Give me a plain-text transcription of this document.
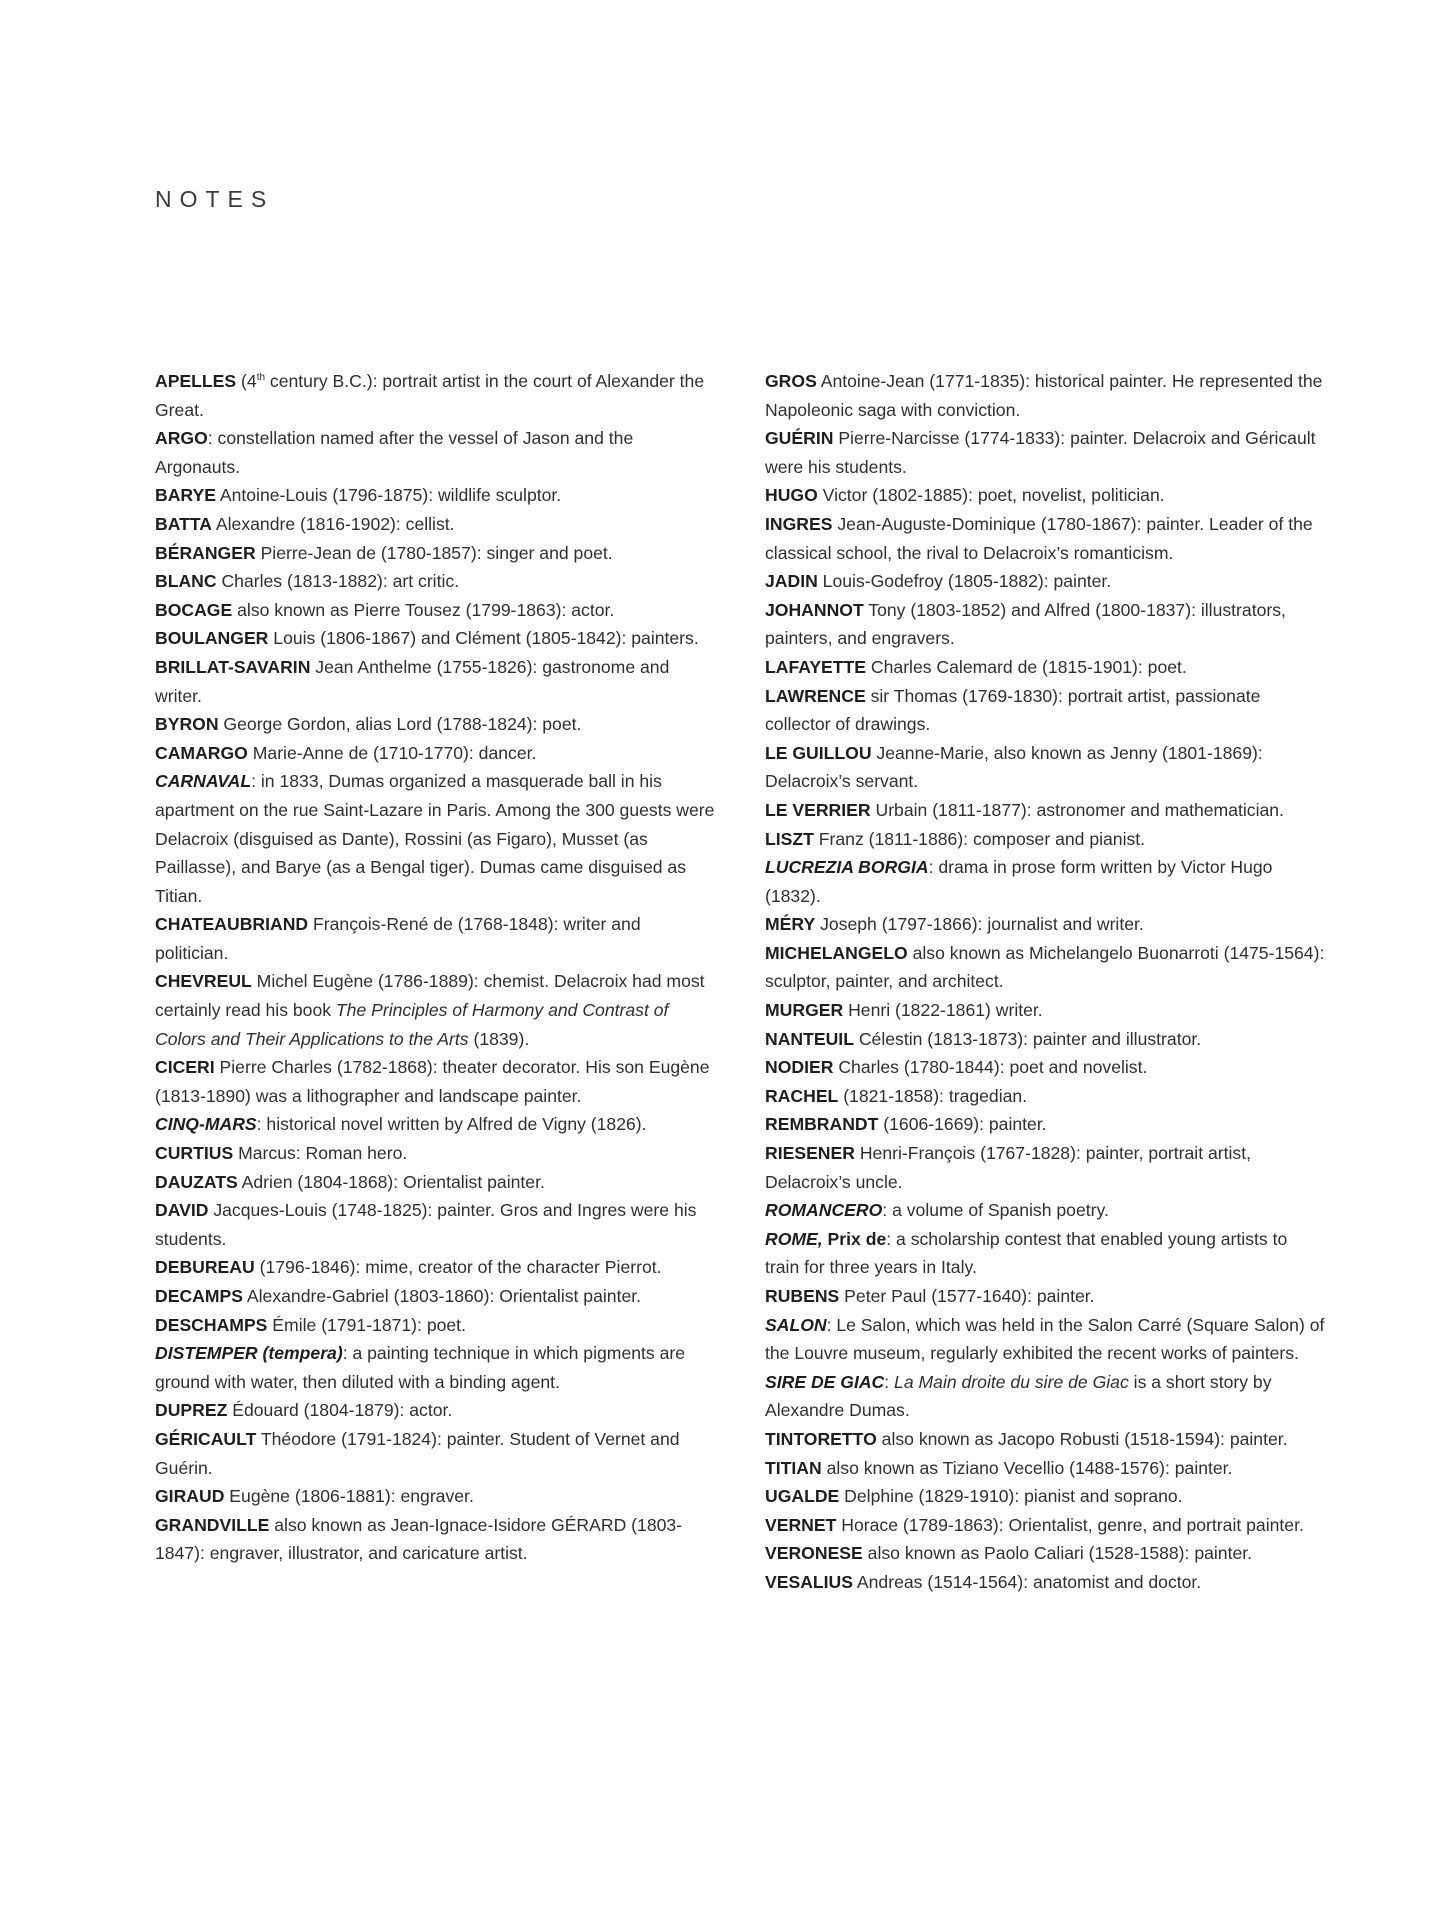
NOTES

APELLES (4th century B.C.): portrait artist in the court of Alexander the Great.

ARGO: constellation named after the vessel of Jason and the Argonauts.

BARYE Antoine-Louis (1796-1875): wildlife sculptor.

BATTA Alexandre (1816-1902): cellist.

BÉRANGER Pierre-Jean de (1780-1857): singer and poet.

BLANC Charles (1813-1882): art critic.

BOCAGE also known as Pierre Tousez (1799-1863): actor.

BOULANGER Louis (1806-1867) and Clément (1805-1842): painters.

BRILLAT-SAVARIN Jean Anthelme (1755-1826): gastronome and writer.

BYRON George Gordon, alias Lord (1788-1824): poet.

CAMARGO Marie-Anne de (1710-1770): dancer.

CARNAVAL: in 1833, Dumas organized a masquerade ball in his apartment on the rue Saint-Lazare in Paris. Among the 300 guests were Delacroix (disguised as Dante), Rossini (as Figaro), Musset (as Paillasse), and Barye (as a Bengal tiger). Dumas came disguised as Titian.

CHATEAUBRIAND François-René de (1768-1848): writer and politician.

CHEVREUL Michel Eugène (1786-1889): chemist. Delacroix had most certainly read his book The Principles of Harmony and Contrast of Colors and Their Applications to the Arts (1839).

CICERI Pierre Charles (1782-1868): theater decorator. His son Eugène (1813-1890) was a lithographer and landscape painter.

CINQ-MARS: historical novel written by Alfred de Vigny (1826).

CURTIUS Marcus: Roman hero.

DAUZATS Adrien (1804-1868): Orientalist painter.

DAVID Jacques-Louis (1748-1825): painter. Gros and Ingres were his students.

DEBUREAU (1796-1846): mime, creator of the character Pierrot.

DECAMPS Alexandre-Gabriel (1803-1860): Orientalist painter.

DESCHAMPS Émile (1791-1871): poet.

DISTEMPER (tempera): a painting technique in which pigments are ground with water, then diluted with a binding agent.

DUPREZ Édouard (1804-1879): actor.

GÉRICAULT Théodore (1791-1824): painter. Student of Vernet and Guérin.

GIRAUD Eugène (1806-1881): engraver.

GRANDVILLE also known as Jean-Ignace-Isidore GÉRARD (1803-1847): engraver, illustrator, and caricature artist.

GROS Antoine-Jean (1771-1835): historical painter. He represented the Napoleonic saga with conviction.

GUÉRIN Pierre-Narcisse (1774-1833): painter. Delacroix and Géricault were his students.

HUGO Victor (1802-1885): poet, novelist, politician.

INGRES Jean-Auguste-Dominique (1780-1867): painter. Leader of the classical school, the rival to Delacroix’s romanticism.

JADIN Louis-Godefroy (1805-1882): painter.

JOHANNOT Tony (1803-1852) and Alfred (1800-1837): illustrators, painters, and engravers.

LAFAYETTE Charles Calemard de (1815-1901): poet.

LAWRENCE sir Thomas (1769-1830): portrait artist, passionate collector of drawings.

LE GUILLOU Jeanne-Marie, also known as Jenny (1801-1869): Delacroix’s servant.

LE VERRIER Urbain (1811-1877): astronomer and mathematician.

LISZT Franz (1811-1886): composer and pianist.

LUCREZIA BORGIA: drama in prose form written by Victor Hugo (1832).

MÉRY Joseph (1797-1866): journalist and writer.

MICHELANGELO also known as Michelangelo Buonarroti (1475-1564): sculptor, painter, and architect.

MURGER Henri (1822-1861) writer.

NANTEUIL Célestin (1813-1873): painter and illustrator.

NODIER Charles (1780-1844): poet and novelist.

RACHEL (1821-1858): tragedian.

REMBRANDT (1606-1669): painter.

RIESENER Henri-François (1767-1828): painter, portrait artist, Delacroix’s uncle.

ROMANCERO: a volume of Spanish poetry.

ROME, Prix de: a scholarship contest that enabled young artists to train for three years in Italy.

RUBENS Peter Paul (1577-1640): painter.

SALON: Le Salon, which was held in the Salon Carré (Square Salon) of the Louvre museum, regularly exhibited the recent works of painters.

SIRE DE GIAC: La Main droite du sire de Giac is a short story by Alexandre Dumas.

TINTORETTO also known as Jacopo Robusti (1518-1594): painter.

TITIAN also known as Tiziano Vecellio (1488-1576): painter.

UGALDE Delphine (1829-1910): pianist and soprano.

VERNET Horace (1789-1863): Orientalist, genre, and portrait painter.

VERONESE also known as Paolo Caliari (1528-1588): painter.

VESALIUS Andreas (1514-1564): anatomist and doctor.
